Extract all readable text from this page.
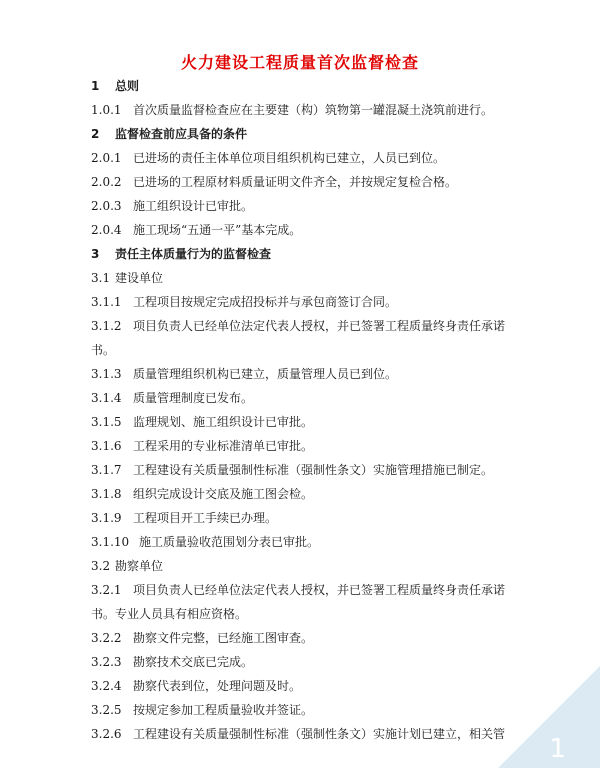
火力建设工程质量首次监督检查
1 总则
1.0.1 首次质量监督检查应在主要建（构）筑物第一罐混凝土浇筑前进行。
2 监督检查前应具备的条件
2.0.1 已进场的责任主体单位项目组织机构已建立，人员已到位。
2.0.2 已进场的工程原材料质量证明文件齐全，并按规定复检合格。
2.0.3 施工组织设计已审批。
2.0.4 施工现场“五通一平”基本完成。
3 责任主体质量行为的监督检查
3.1 建设单位
3.1.1 工程项目按规定完成招投标并与承包商签订合同。
3.1.2 项目负责人已经单位法定代表人授权，并已签署工程质量终身责任承诺书。
3.1.3 质量管理组织机构已建立，质量管理人员已到位。
3.1.4 质量管理制度已发布。
3.1.5 监理规划、施工组织设计已审批。
3.1.6 工程采用的专业标准清单已审批。
3.1.7 工程建设有关质量强制性标准（强制性条文）实施管理措施已制定。
3.1.8 组织完成设计交底及施工图会检。
3.1.9 工程项目开工手续已办理。
3.1.10 施工质量验收范围划分表已审批。
3.2 勘察单位
3.2.1 项目负责人已经单位法定代表人授权，并已签署工程质量终身责任承诺书。专业人员具有相应资格。
3.2.2 勘察文件完整，已经施工图审查。
3.2.3 勘察技术交底已完成。
3.2.4 勘察代表到位，处理问题及时。
3.2.5 按规定参加工程质量验收并签证。
3.2.6 工程建设有关质量强制性标准（强制性条文）实施计划已建立，相关管	1
